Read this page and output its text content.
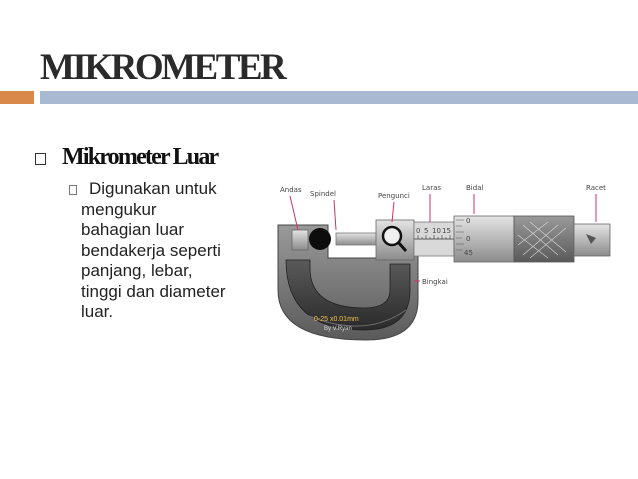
MIKROMETER
Mikrometer Luar
Digunakan untuk
mengukur
bahagian luar
bendakerja seperti
panjang, lebar,
tinggi dan diameter
luar.
0 5 10 15
0
0
45
Andas Spindel	Pengunci
Laras	Bidal	Racet
Bingkai
0-25 x0.01mm
By V.Ryan
